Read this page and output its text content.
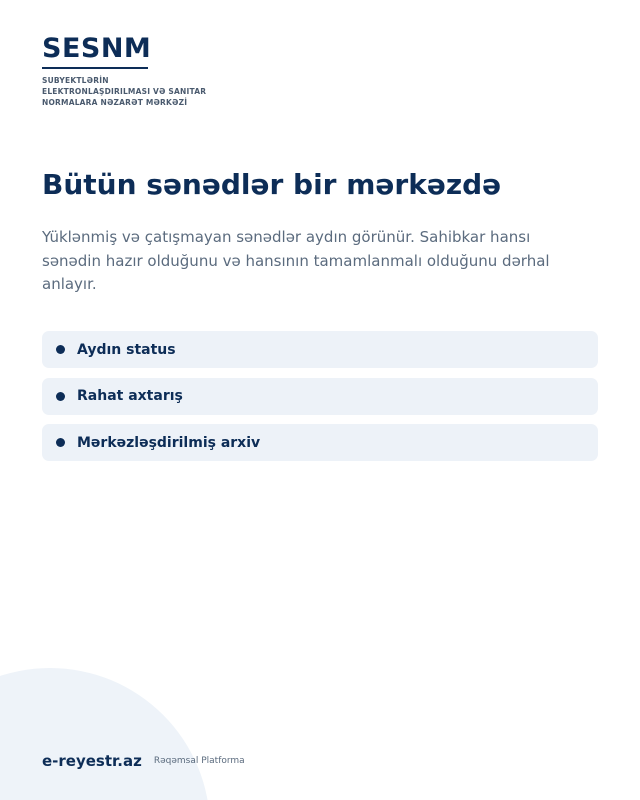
SESNM
SUBYEKTLƏRİN
ELEKTRONLAŞDIRILMASI VƏ SANITAR
NORMALARA NƏZARƏT MƏRKƏZİ
Bütün sənədlər bir mərkəzdə

Yüklənmiş və çatışmayan sənədlər aydın görünür. Sahibkar hansı sənədin hazır olduğunu və hansının tamamlanmalı olduğunu dərhal anlayır.

Aydın status
Rahat axtarış
Mərkəzləşdirilmiş arxiv
e-reyestr.az Rəqəmsal Platforma
